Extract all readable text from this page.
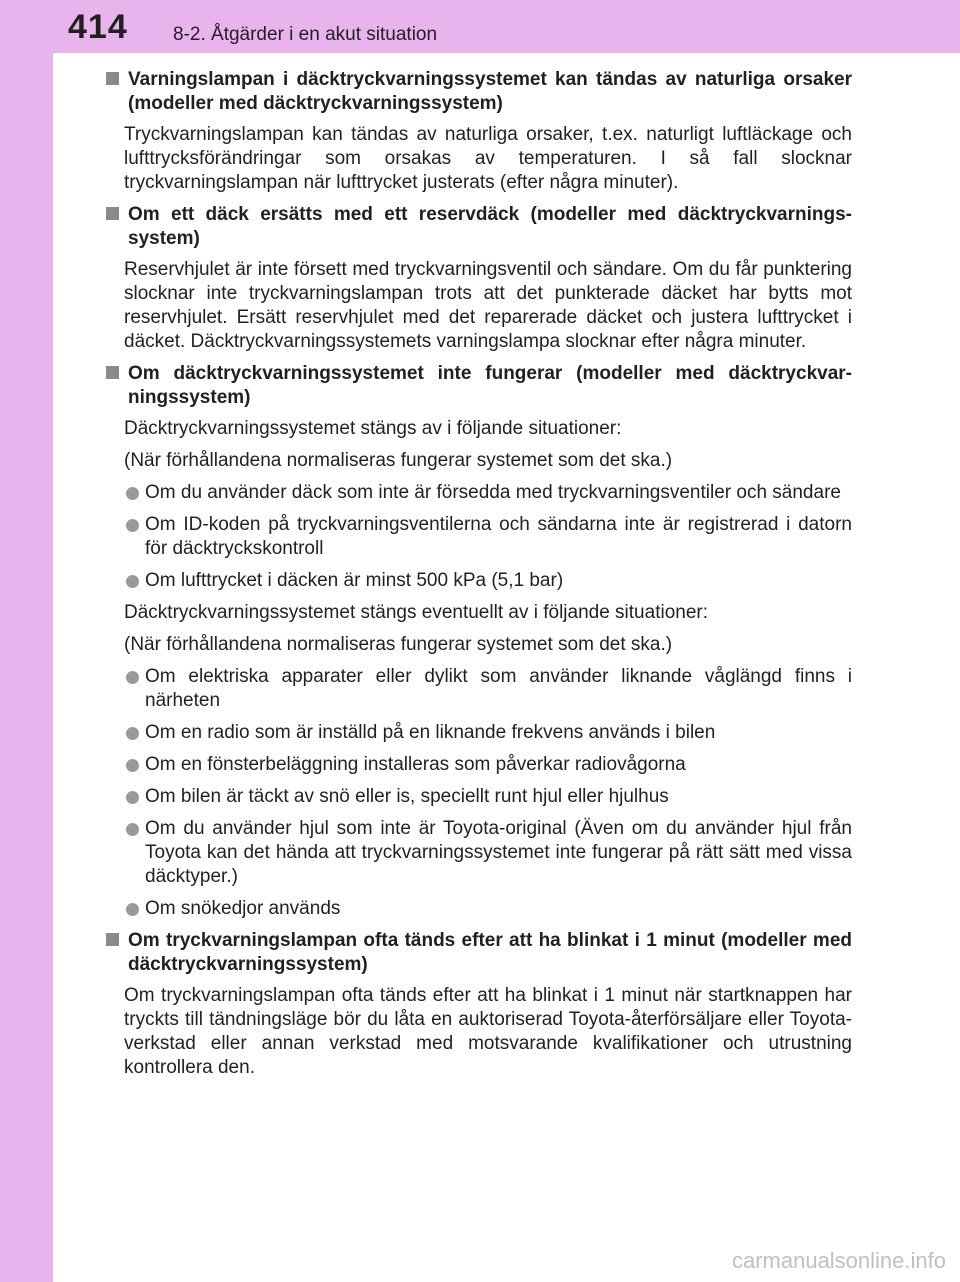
414 8-2. Åtgärder i en akut situation
Varningslampan i däcktryckvarningssystemet kan tändas av naturliga orsaker (modeller med däcktryckvarningssystem)
Tryckvarningslampan kan tändas av naturliga orsaker, t.ex. naturligt luftläckage och lufttrycksförändringar som orsakas av temperaturen. I så fall slocknar tryckvarningslampan när lufttrycket justerats (efter några minuter).
Om ett däck ersätts med ett reservdäck (modeller med däcktryckvarnings-system)
Reservhjulet är inte försett med tryckvarningsventil och sändare. Om du får punktering slocknar inte tryckvarningslampan trots att det punkterade däcket har bytts mot reservhjulet. Ersätt reservhjulet med det reparerade däcket och justera lufttrycket i däcket. Däcktryckvarningssystemets varningslampa slocknar efter några minuter.
Om däcktryckvarningssystemet inte fungerar (modeller med däcktryckvar-ningssystem)
Däcktryckvarningssystemet stängs av i följande situationer:
(När förhållandena normaliseras fungerar systemet som det ska.)
Om du använder däck som inte är försedda med tryckvarningsventiler och sändare
Om ID-koden på tryckvarningsventilerna och sändarna inte är registrerad i datorn för däcktryckskontroll
Om lufttrycket i däcken är minst 500 kPa (5,1 bar)
Däcktryckvarningssystemet stängs eventuellt av i följande situationer:
(När förhållandena normaliseras fungerar systemet som det ska.)
Om elektriska apparater eller dylikt som använder liknande våglängd finns i närheten
Om en radio som är inställd på en liknande frekvens används i bilen
Om en fönsterbeläggning installeras som påverkar radiovågorna
Om bilen är täckt av snö eller is, speciellt runt hjul eller hjulhus
Om du använder hjul som inte är Toyota-original (Även om du använder hjul från Toyota kan det hända att tryckvarningssystemet inte fungerar på rätt sätt med vissa däcktyper.)
Om snökedjor används
Om tryckvarningslampan ofta tänds efter att ha blinkat i 1 minut (modeller med däcktryckvarningssystem)
Om tryckvarningslampan ofta tänds efter att ha blinkat i 1 minut när startknappen har tryckts till tändningsläge bör du låta en auktoriserad Toyota-återförsäljare eller Toyota-verkstad eller annan verkstad med motsvarande kvalifikationer och utrustning kontrollera den.
carmanualsonline.info
